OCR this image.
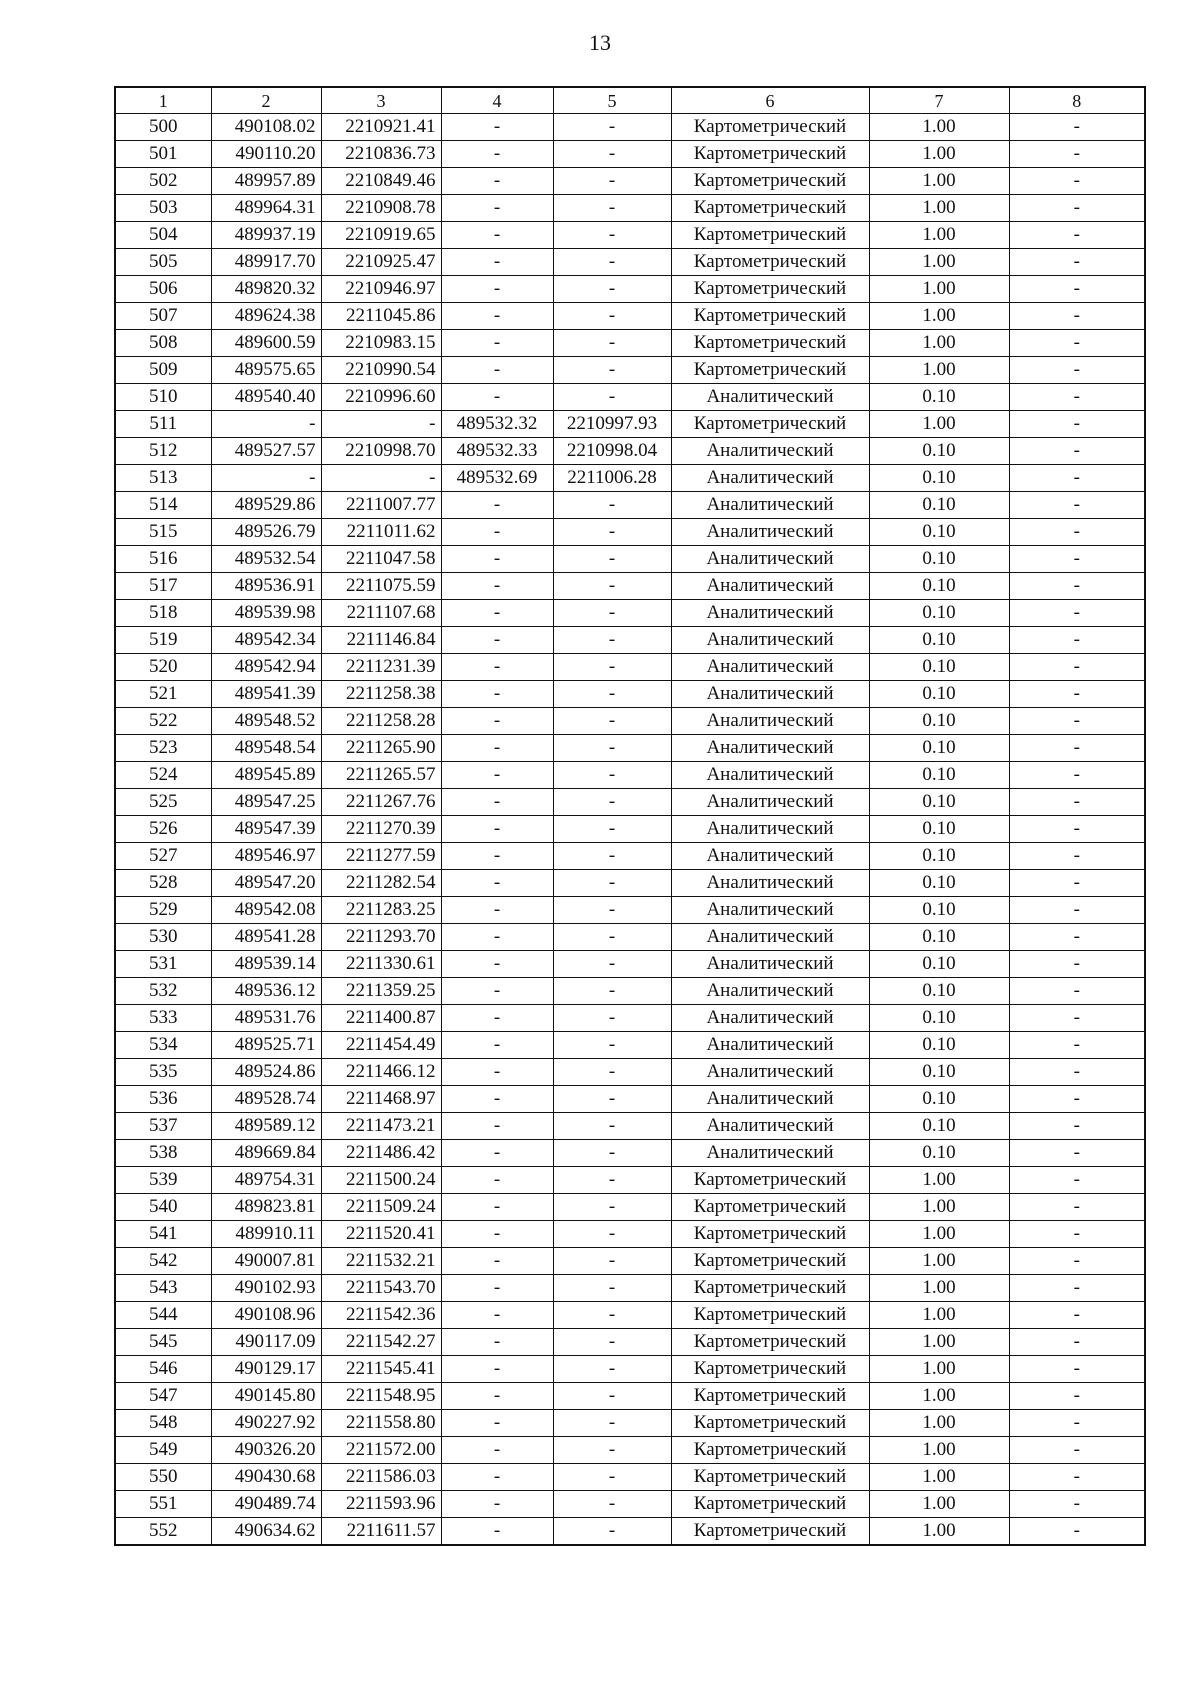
13
1	2	3	4	5	6	7	8
500	490108.02	2210921.41	-	-	Картометрический	1.00	-
501	490110.20	2210836.73	-	-	Картометрический	1.00	-
502	489957.89	2210849.46	-	-	Картометрический	1.00	-
503	489964.31	2210908.78	-	-	Картометрический	1.00	-
504	489937.19	2210919.65	-	-	Картометрический	1.00	-
505	489917.70	2210925.47	-	-	Картометрический	1.00	-
506	489820.32	2210946.97	-	-	Картометрический	1.00	-
507	489624.38	2211045.86	-	-	Картометрический	1.00	-
508	489600.59	2210983.15	-	-	Картометрический	1.00	-
509	489575.65	2210990.54	-	-	Картометрический	1.00	-
510	489540.40	2210996.60	-	-	Аналитический	0.10	-
511	-	-	489532.32	2210997.93	Картометрический	1.00	-
512	489527.57	2210998.70	489532.33	2210998.04	Аналитический	0.10	-
513	-	-	489532.69	2211006.28	Аналитический	0.10	-
514	489529.86	2211007.77	-	-	Аналитический	0.10	-
515	489526.79	2211011.62	-	-	Аналитический	0.10	-
516	489532.54	2211047.58	-	-	Аналитический	0.10	-
517	489536.91	2211075.59	-	-	Аналитический	0.10	-
518	489539.98	2211107.68	-	-	Аналитический	0.10	-
519	489542.34	2211146.84	-	-	Аналитический	0.10	-
520	489542.94	2211231.39	-	-	Аналитический	0.10	-
521	489541.39	2211258.38	-	-	Аналитический	0.10	-
522	489548.52	2211258.28	-	-	Аналитический	0.10	-
523	489548.54	2211265.90	-	-	Аналитический	0.10	-
524	489545.89	2211265.57	-	-	Аналитический	0.10	-
525	489547.25	2211267.76	-	-	Аналитический	0.10	-
526	489547.39	2211270.39	-	-	Аналитический	0.10	-
527	489546.97	2211277.59	-	-	Аналитический	0.10	-
528	489547.20	2211282.54	-	-	Аналитический	0.10	-
529	489542.08	2211283.25	-	-	Аналитический	0.10	-
530	489541.28	2211293.70	-	-	Аналитический	0.10	-
531	489539.14	2211330.61	-	-	Аналитический	0.10	-
532	489536.12	2211359.25	-	-	Аналитический	0.10	-
533	489531.76	2211400.87	-	-	Аналитический	0.10	-
534	489525.71	2211454.49	-	-	Аналитический	0.10	-
535	489524.86	2211466.12	-	-	Аналитический	0.10	-
536	489528.74	2211468.97	-	-	Аналитический	0.10	-
537	489589.12	2211473.21	-	-	Аналитический	0.10	-
538	489669.84	2211486.42	-	-	Аналитический	0.10	-
539	489754.31	2211500.24	-	-	Картометрический	1.00	-
540	489823.81	2211509.24	-	-	Картометрический	1.00	-
541	489910.11	2211520.41	-	-	Картометрический	1.00	-
542	490007.81	2211532.21	-	-	Картометрический	1.00	-
543	490102.93	2211543.70	-	-	Картометрический	1.00	-
544	490108.96	2211542.36	-	-	Картометрический	1.00	-
545	490117.09	2211542.27	-	-	Картометрический	1.00	-
546	490129.17	2211545.41	-	-	Картометрический	1.00	-
547	490145.80	2211548.95	-	-	Картометрический	1.00	-
548	490227.92	2211558.80	-	-	Картометрический	1.00	-
549	490326.20	2211572.00	-	-	Картометрический	1.00	-
550	490430.68	2211586.03	-	-	Картометрический	1.00	-
551	490489.74	2211593.96	-	-	Картометрический	1.00	-
552	490634.62	2211611.57	-	-	Картометрический	1.00	-
